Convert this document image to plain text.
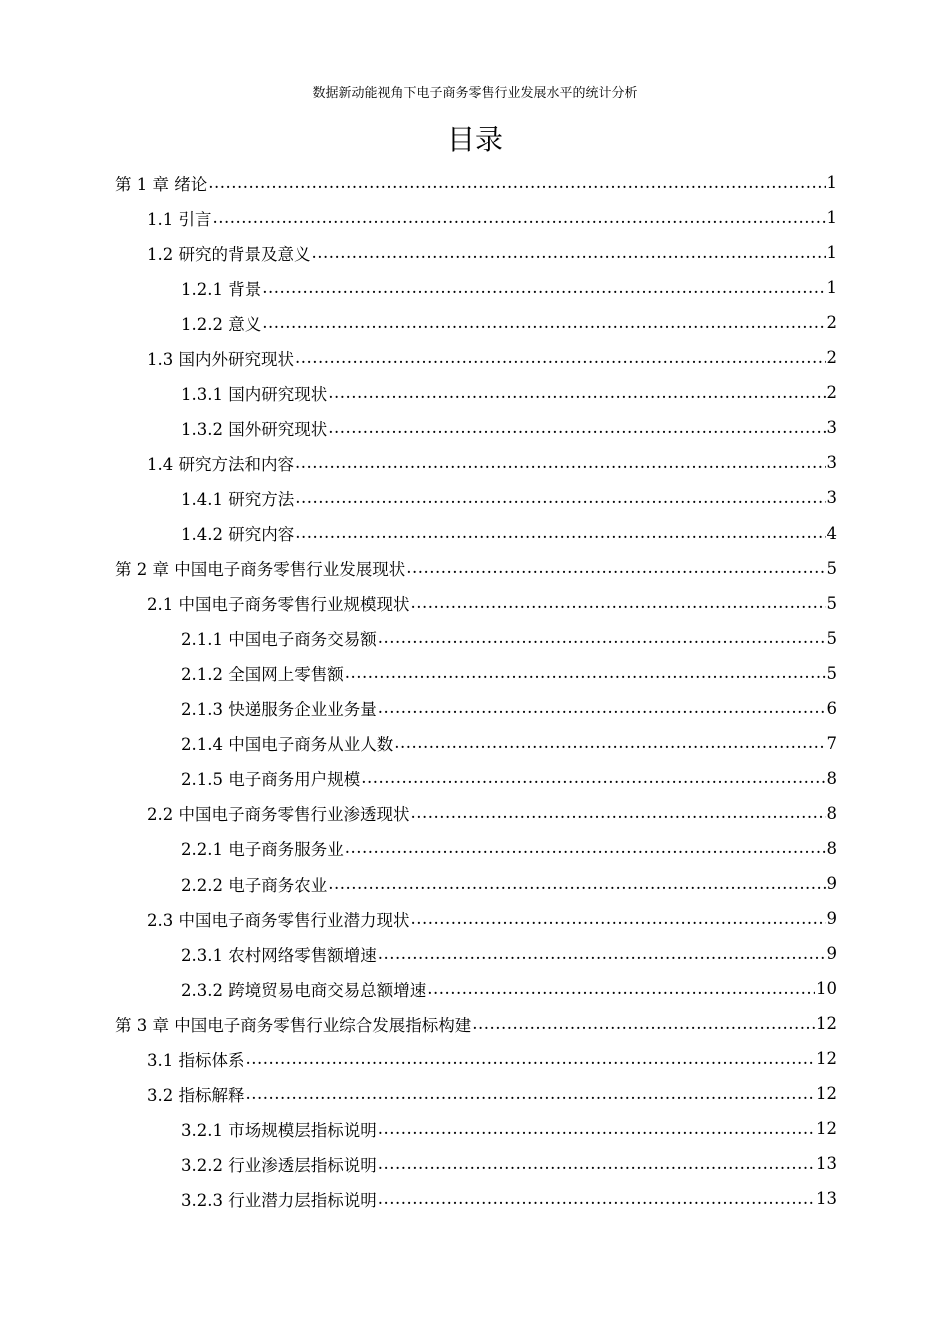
数据新动能视角下电子商务零售行业发展水平的统计分析
目录
第 1 章 绪论 .....	1
1.1 引言 .....	1
1.2 研究的背景及意义 .....	1
1.2.1 背景 .....	1
1.2.2 意义 .....	2
1.3 国内外研究现状 .....	2
1.3.1 国内研究现状 .....	2
1.3.2 国外研究现状 .....	3
1.4 研究方法和内容 .....	3
1.4.1 研究方法 .....	3
1.4.2 研究内容 .....	4
第 2 章 中国电子商务零售行业发展现状 .....	5
2.1 中国电子商务零售行业规模现状 .....	5
2.1.1 中国电子商务交易额 .....	5
2.1.2 全国网上零售额 .....	5
2.1.3 快递服务企业业务量 .....	6
2.1.4 中国电子商务从业人数 .....	7
2.1.5 电子商务用户规模 .....	8
2.2 中国电子商务零售行业渗透现状 .....	8
2.2.1 电子商务服务业 .....	8
2.2.2 电子商务农业 .....	9
2.3 中国电子商务零售行业潜力现状 .....	9
2.3.1 农村网络零售额增速 .....	9
2.3.2 跨境贸易电商交易总额增速 .....	10
第 3 章 中国电子商务零售行业综合发展指标构建 .....	12
3.1 指标体系 .....	12
3.2 指标解释 .....	12
3.2.1 市场规模层指标说明 .....	12
3.2.2 行业渗透层指标说明 .....	13
3.2.3 行业潜力层指标说明 .....	13
